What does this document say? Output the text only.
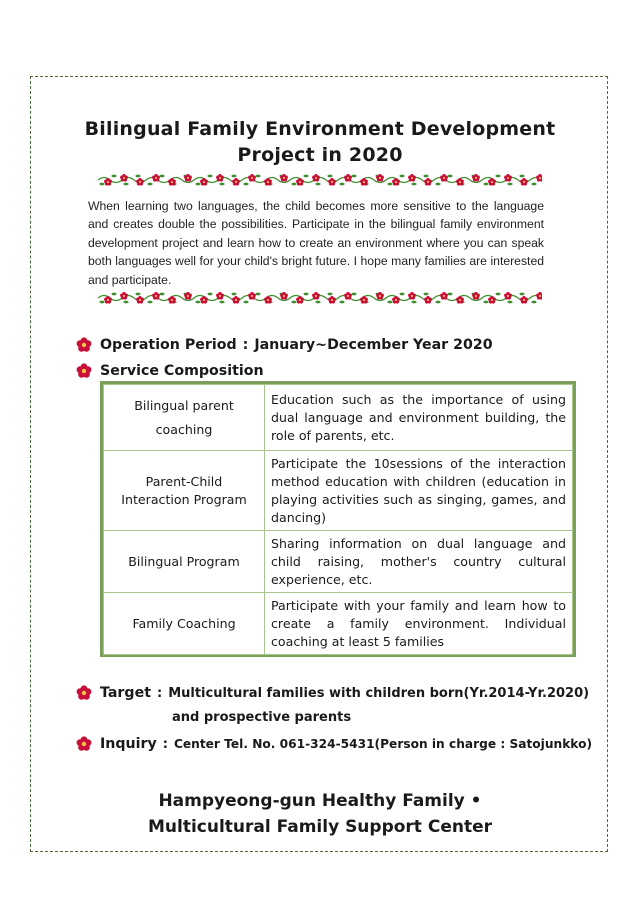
Bilingual Family Environment Development
Project in 2020
When learning two languages, the child becomes more sensitive to the language and creates double the possibilities. Participate in the bilingual family environment development project and learn how to create an environment where you can speak both languages well for your child's bright future. I hope many families are interested and participate.
Operation Period : January~December Year 2020
Service Composition
Bilingual parent coaching	Education such as the importance of using dual language and environment building, the role of parents, etc.
Parent-Child Interaction Program	Participate the 10sessions of the interaction method education with children (education in playing activities such as singing, games, and dancing)
Bilingual Program	Sharing information on dual language and child raising, mother's country cultural experience, etc.
Family Coaching	Participate with your family and learn how to create a family environment. Individual coaching at least 5 families
Target : Multicultural families with children born(Yr.2014-Yr.2020)
and prospective parents
Inquiry : Center Tel. No. 061-324-5431(Person in charge : Satojunkko)
Hampyeong-gun Healthy Family •
Multicultural Family Support Center
